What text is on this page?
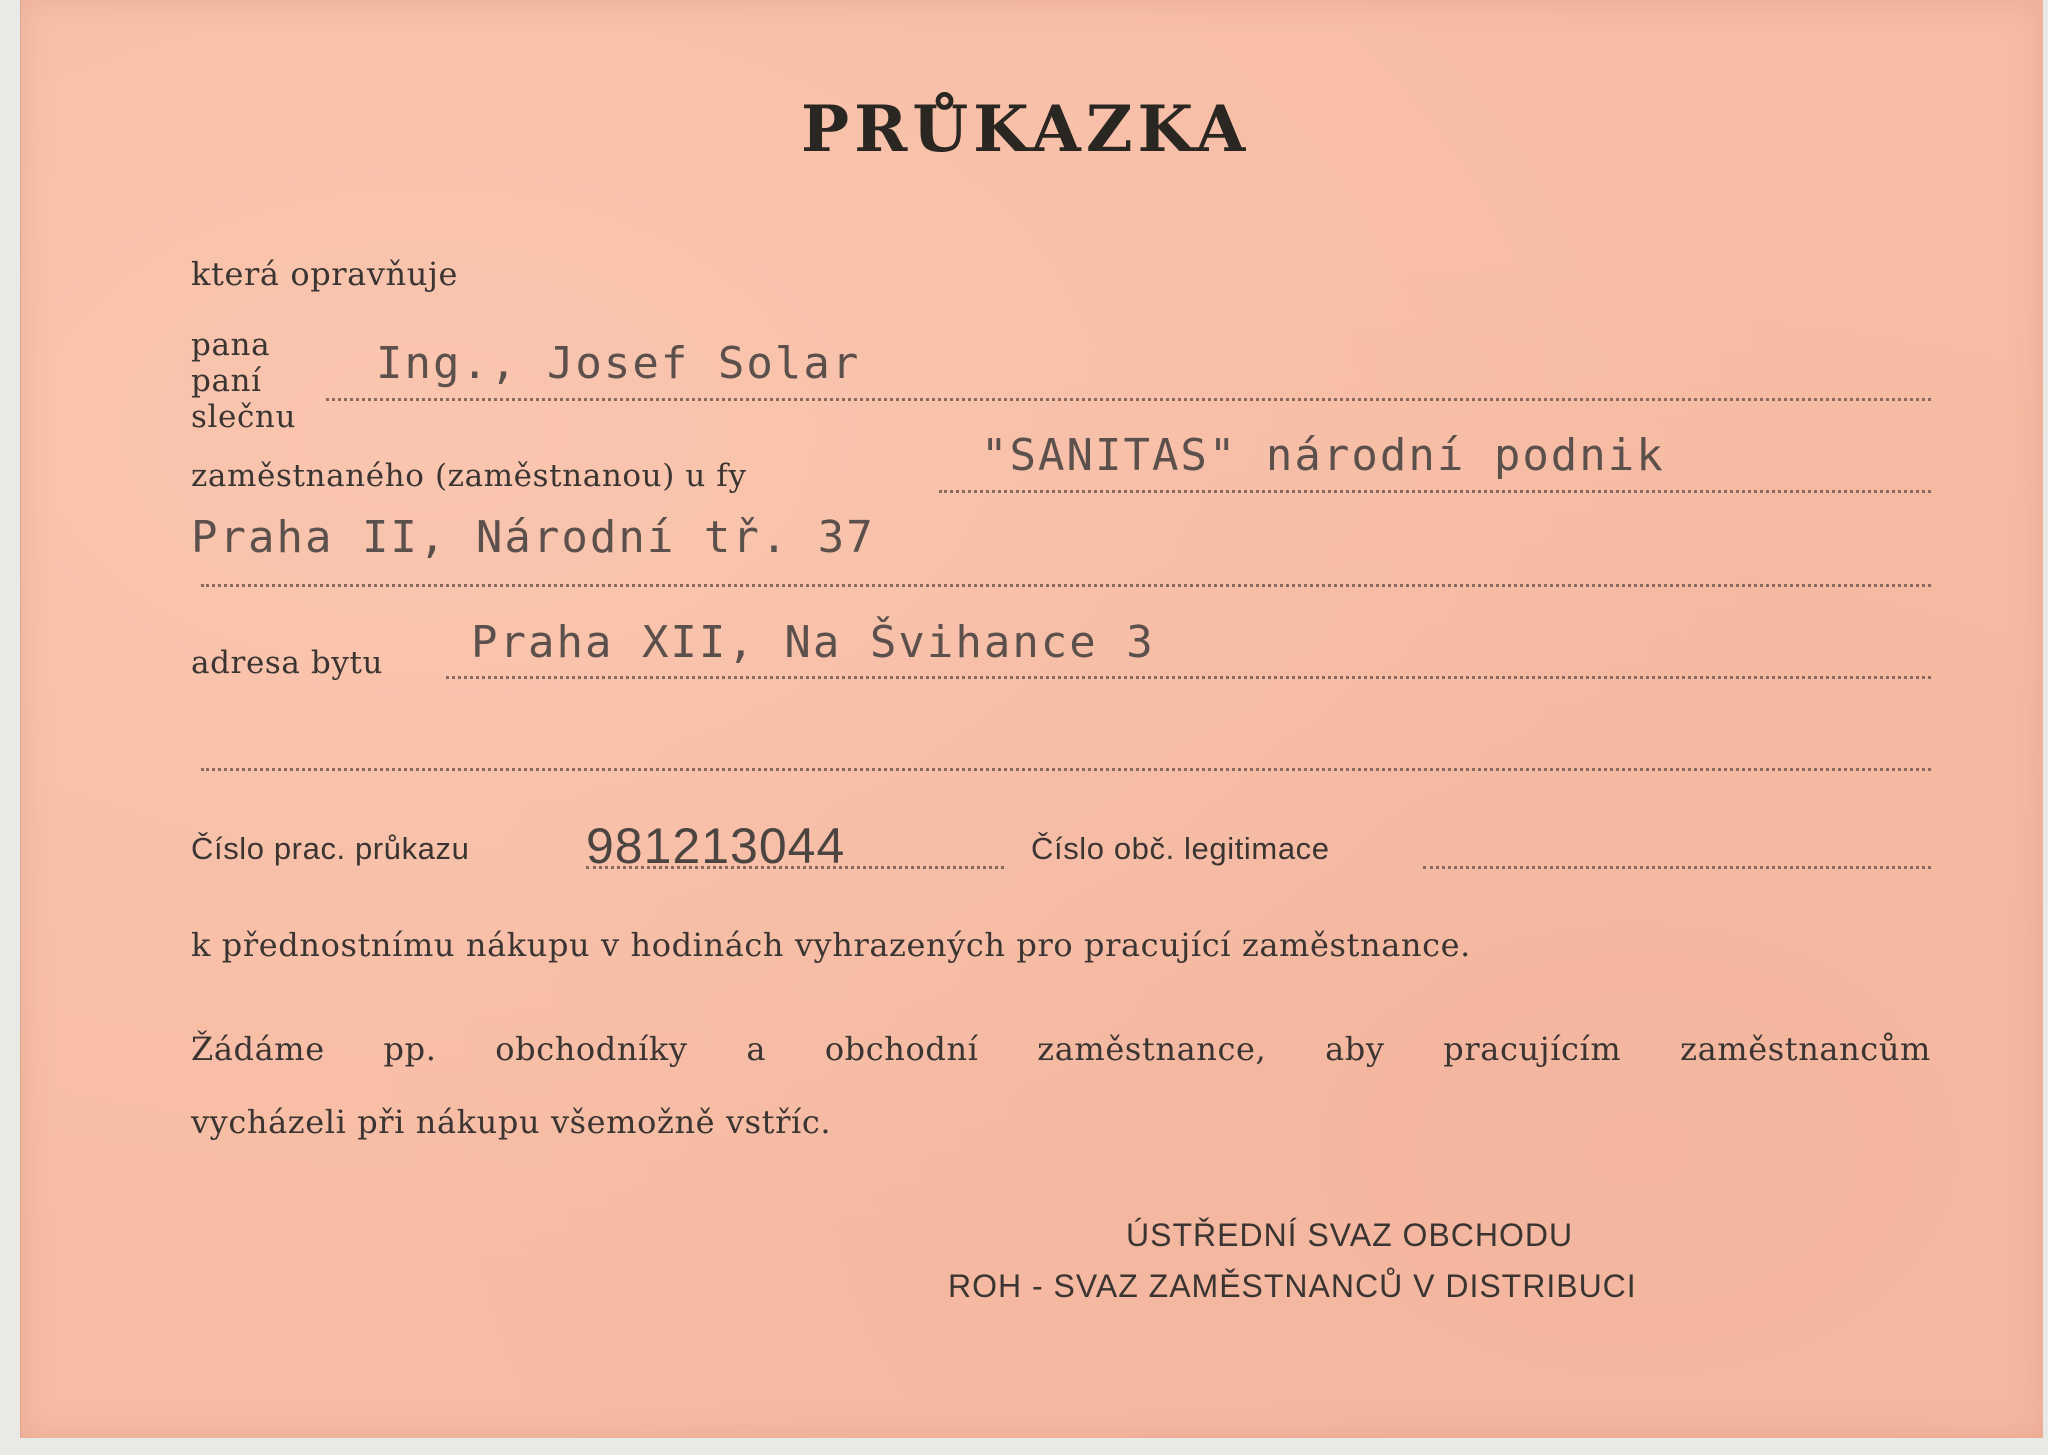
PRŮKAZKA
která opravňuje
pana
paní
slečnu
Ing., Josef Solar
zaměstnaného (zaměstnanou) u fy	"SANITAS" národní podnik
Praha II, Národní tř. 37
adresa bytu Praha XII, Na Švihance 3
Číslo prac. průkazu 981213044	Číslo obč. legitimace
k přednostnímu nákupu v hodinách vyhrazených pro pracující zaměstnance.
Žádáme pp. obchodníky a obchodní zaměstnance, aby pracujícím zaměstnancům
vycházeli při nákupu všemožně vstříc.
ÚSTŘEDNÍ SVAZ OBCHODU
ROH - SVAZ ZAMĚSTNANCŮ V DISTRIBUCI
